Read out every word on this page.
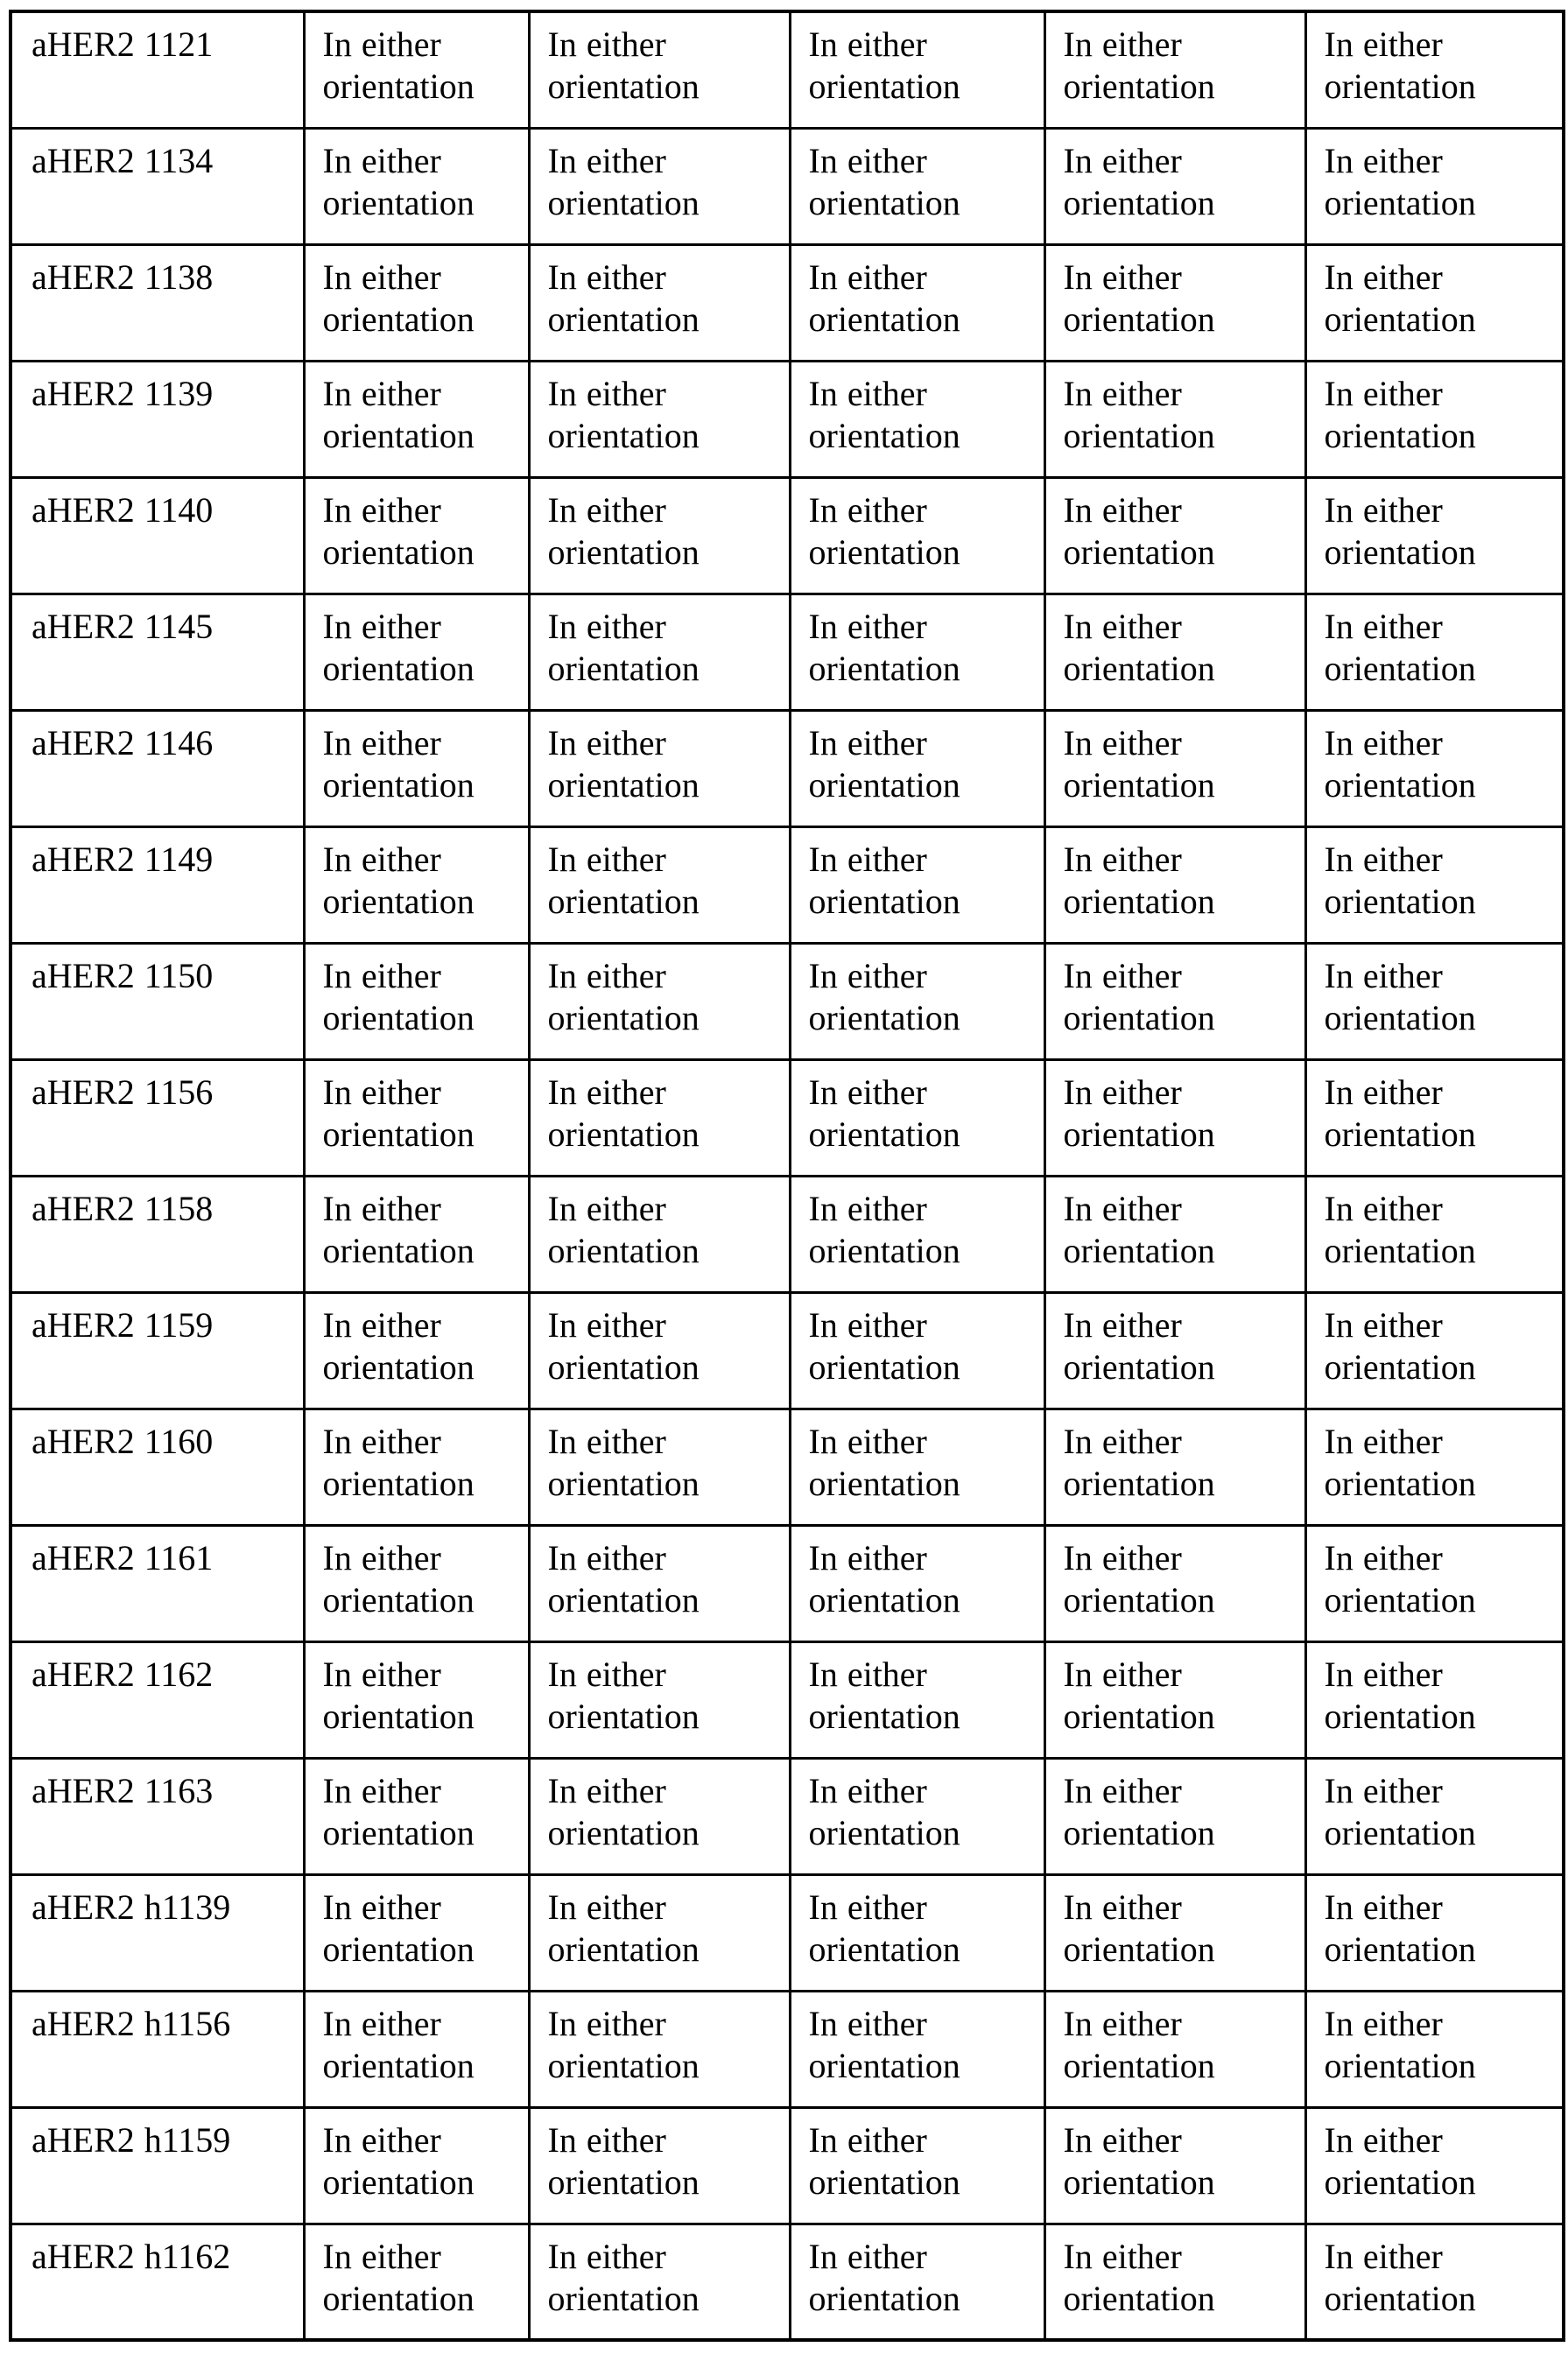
aHER2 1121	In either orientation	In either orientation	In either orientation	In either orientation	In either orientation
aHER2 1134	In either orientation	In either orientation	In either orientation	In either orientation	In either orientation
aHER2 1138	In either orientation	In either orientation	In either orientation	In either orientation	In either orientation
aHER2 1139	In either orientation	In either orientation	In either orientation	In either orientation	In either orientation
aHER2 1140	In either orientation	In either orientation	In either orientation	In either orientation	In either orientation
aHER2 1145	In either orientation	In either orientation	In either orientation	In either orientation	In either orientation
aHER2 1146	In either orientation	In either orientation	In either orientation	In either orientation	In either orientation
aHER2 1149	In either orientation	In either orientation	In either orientation	In either orientation	In either orientation
aHER2 1150	In either orientation	In either orientation	In either orientation	In either orientation	In either orientation
aHER2 1156	In either orientation	In either orientation	In either orientation	In either orientation	In either orientation
aHER2 1158	In either orientation	In either orientation	In either orientation	In either orientation	In either orientation
aHER2 1159	In either orientation	In either orientation	In either orientation	In either orientation	In either orientation
aHER2 1160	In either orientation	In either orientation	In either orientation	In either orientation	In either orientation
aHER2 1161	In either orientation	In either orientation	In either orientation	In either orientation	In either orientation
aHER2 1162	In either orientation	In either orientation	In either orientation	In either orientation	In either orientation
aHER2 1163	In either orientation	In either orientation	In either orientation	In either orientation	In either orientation
aHER2 h1139	In either orientation	In either orientation	In either orientation	In either orientation	In either orientation
aHER2 h1156	In either orientation	In either orientation	In either orientation	In either orientation	In either orientation
aHER2 h1159	In either orientation	In either orientation	In either orientation	In either orientation	In either orientation
aHER2 h1162	In either orientation	In either orientation	In either orientation	In either orientation	In either orientation
